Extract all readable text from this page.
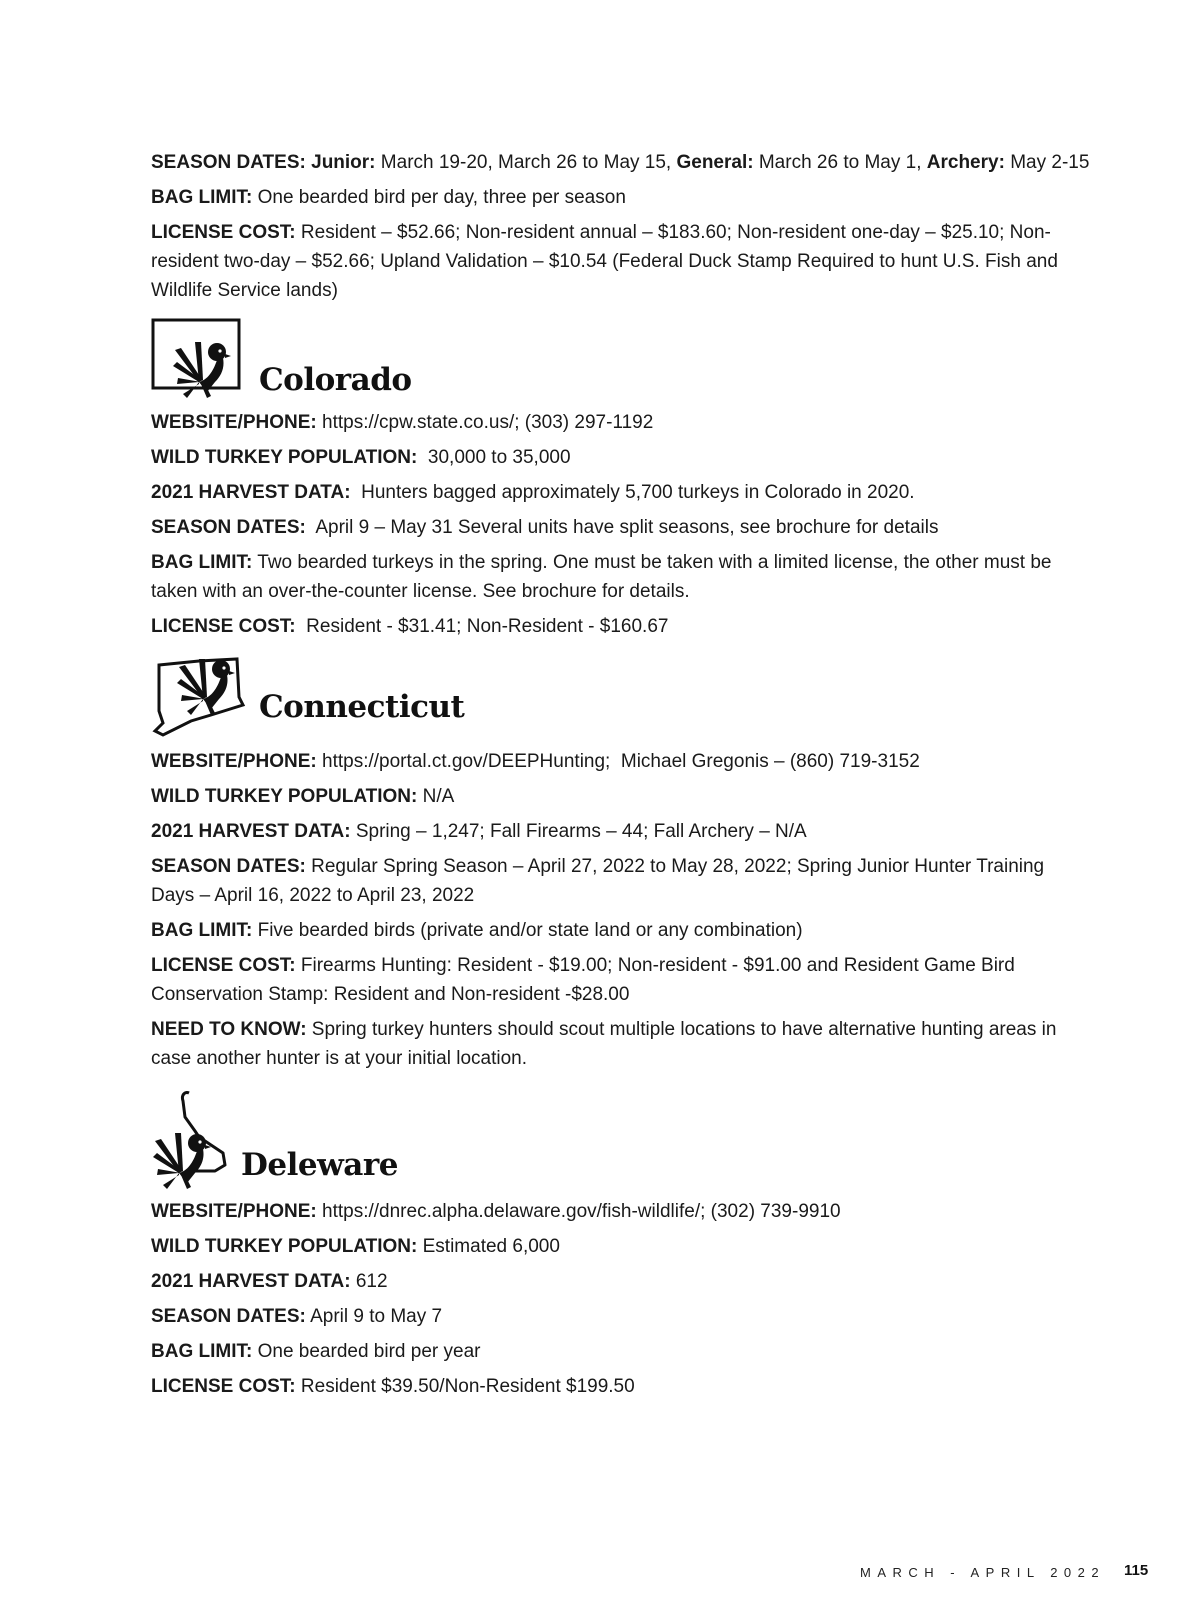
SEASON DATES: Junior: March 19-20, March 26 to May 15, General: March 26 to May 1, Archery: May 2-15

BAG LIMIT: One bearded bird per day, three per season

LICENSE COST: Resident – $52.66; Non-resident annual – $183.60; Non-resident one-day – $25.10; Non-resident two-day – $52.66; Upland Validation – $10.54 (Federal Duck Stamp Required to hunt U.S. Fish and Wildlife Service lands)

Colorado

WEBSITE/PHONE: https://cpw.state.co.us/; (303) 297-1192

WILD TURKEY POPULATION:  30,000 to 35,000

2021 HARVEST DATA:  Hunters bagged approximately 5,700 turkeys in Colorado in 2020.

SEASON DATES:  April 9 – May 31 Several units have split seasons, see brochure for details

BAG LIMIT: Two bearded turkeys in the spring. One must be taken with a limited license, the other must be taken with an over-the-counter license. See brochure for details.

LICENSE COST:  Resident - $31.41; Non-Resident - $160.67

Connecticut

WEBSITE/PHONE: https://portal.ct.gov/DEEPHunting;  Michael Gregonis – (860) 719-3152

WILD TURKEY POPULATION: N/A

2021 HARVEST DATA: Spring – 1,247; Fall Firearms – 44; Fall Archery – N/A

SEASON DATES: Regular Spring Season – April 27, 2022 to May 28, 2022; Spring Junior Hunter Training Days – April 16, 2022 to April 23, 2022

BAG LIMIT: Five bearded birds (private and/or state land or any combination)

LICENSE COST: Firearms Hunting: Resident - $19.00; Non-resident - $91.00 and Resident Game Bird Conservation Stamp: Resident and Non-resident -$28.00

NEED TO KNOW: Spring turkey hunters should scout multiple locations to have alternative hunting areas in case another hunter is at your initial location.

Deleware

WEBSITE/PHONE: https://dnrec.alpha.delaware.gov/fish-wildlife/; (302) 739-9910

WILD TURKEY POPULATION: Estimated 6,000

2021 HARVEST DATA: 612

SEASON DATES: April 9 to May 7

BAG LIMIT: One bearded bird per year

LICENSE COST: Resident $39.50/Non-Resident $199.50

MARCH - APRIL 2022 115
